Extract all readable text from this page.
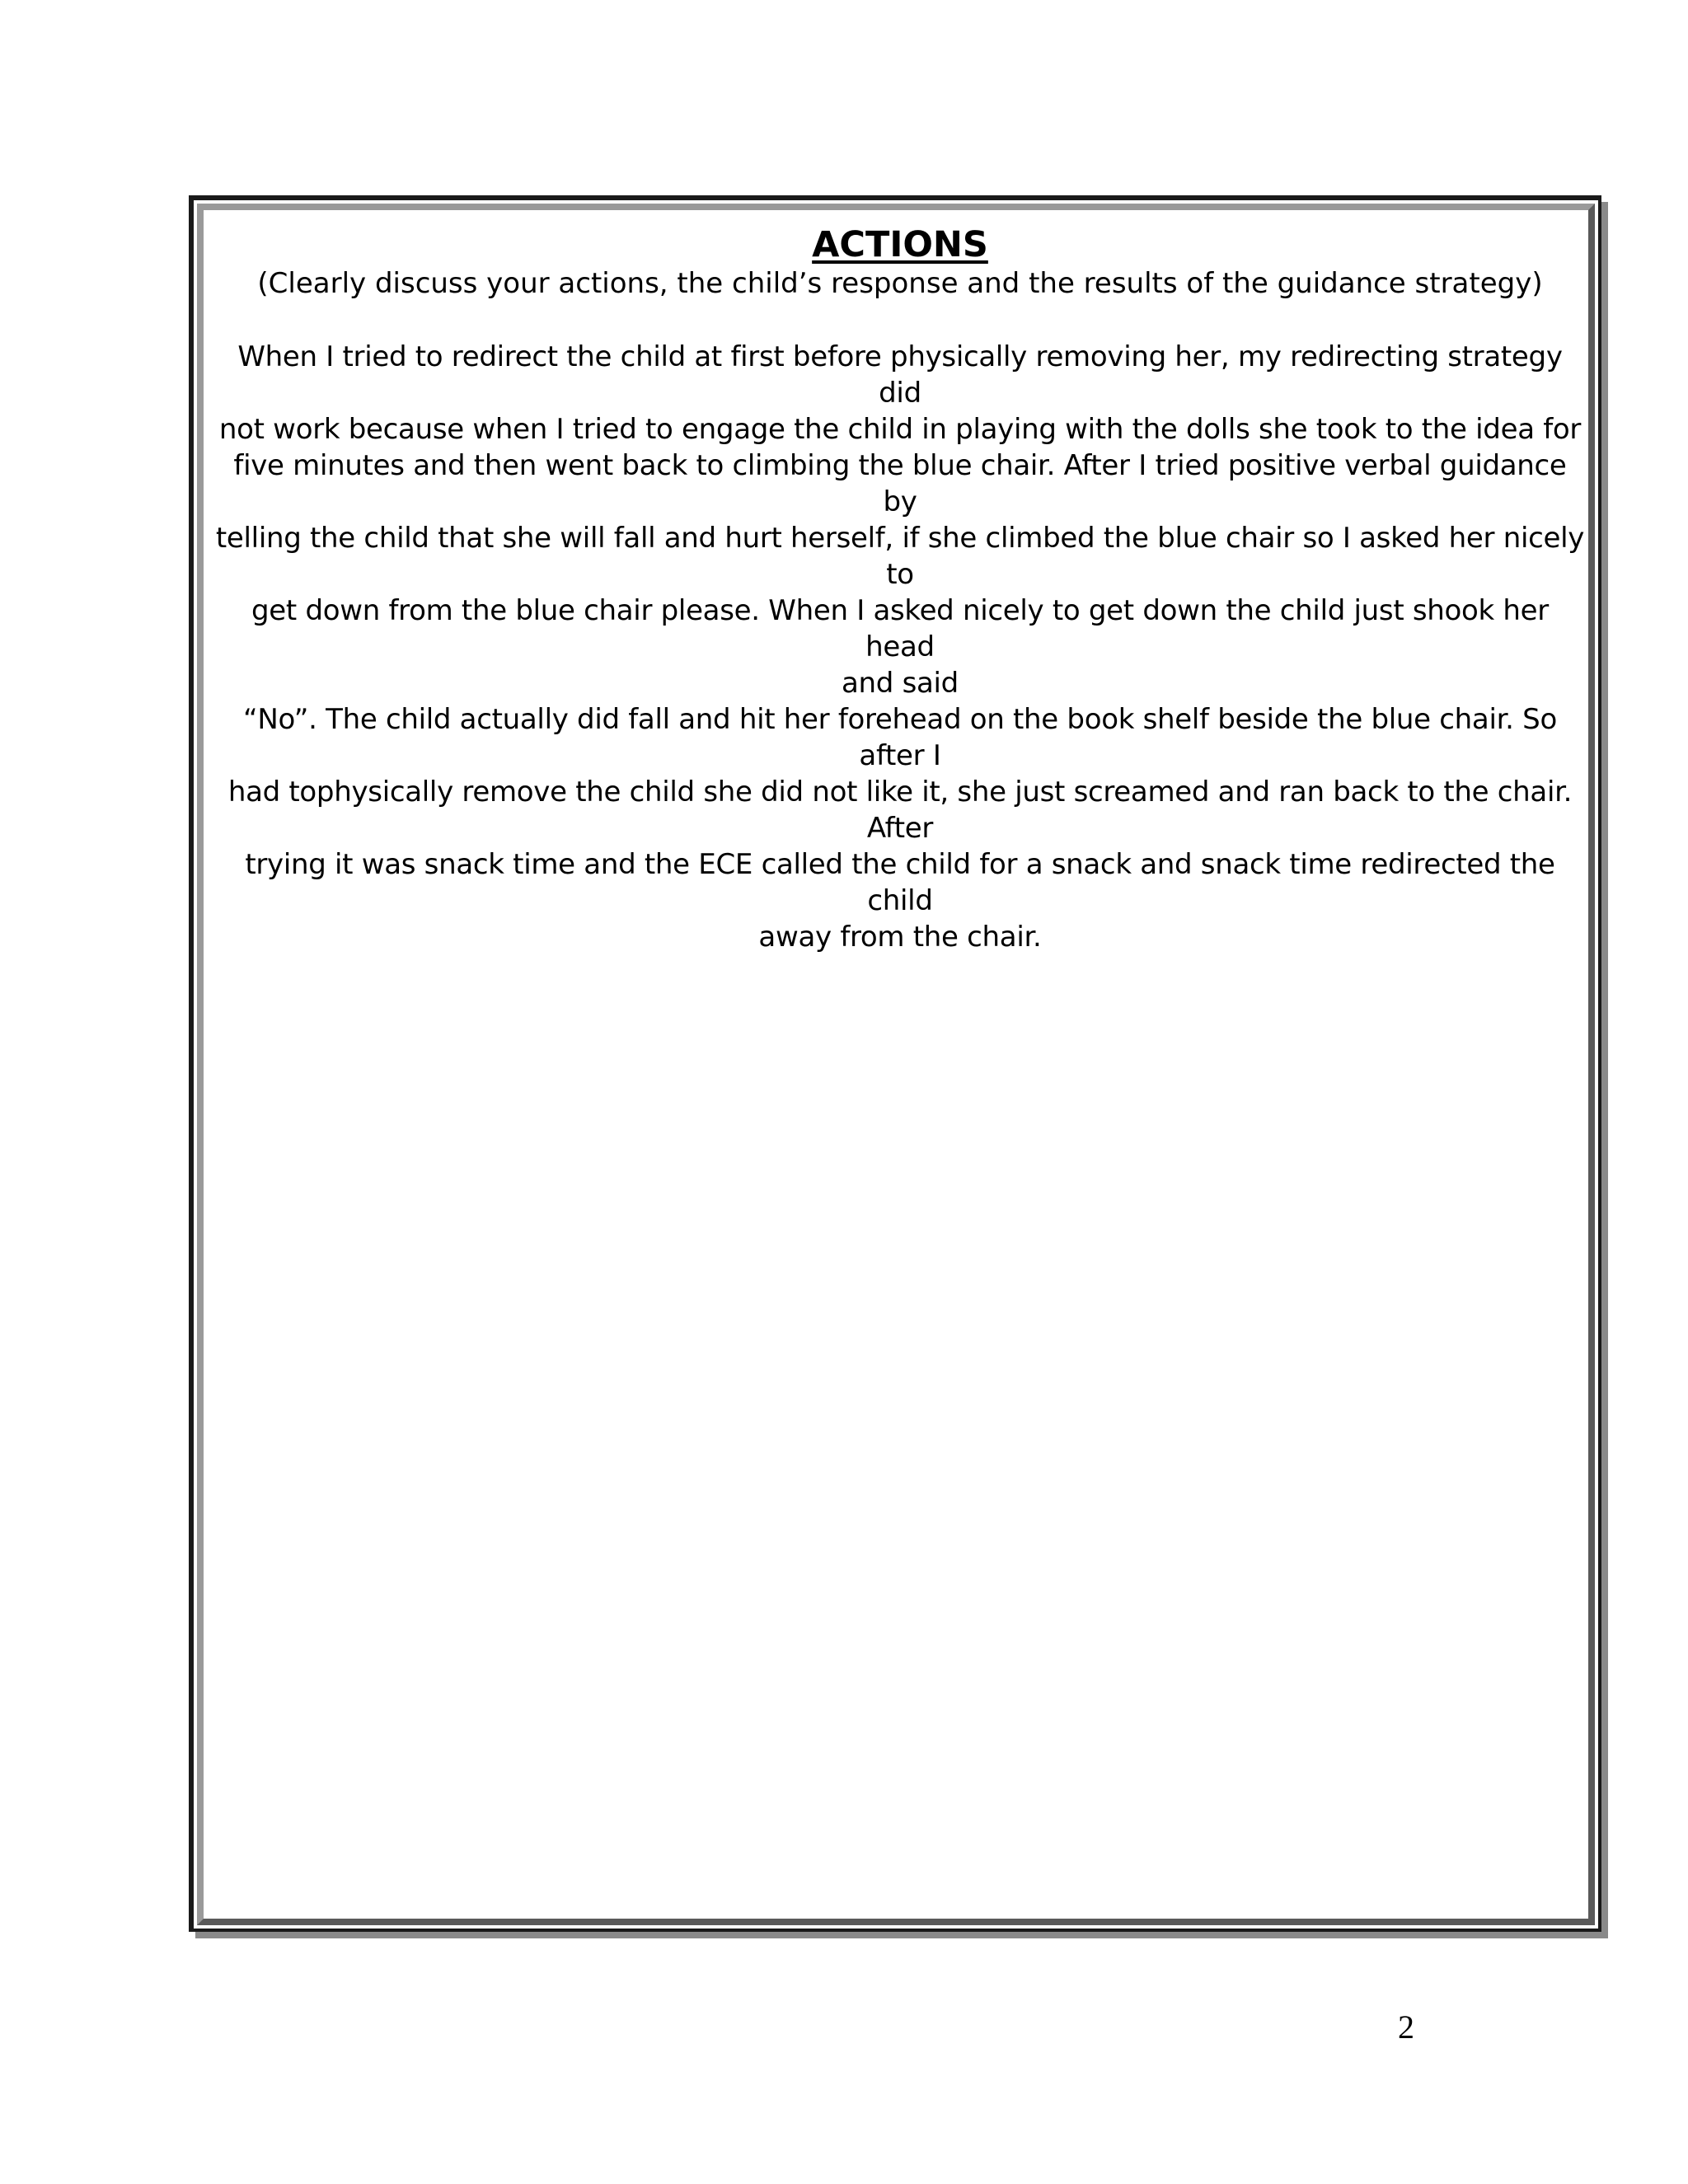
ACTIONS
(Clearly discuss your actions, the child’s response and the results of the guidance strategy)
When I tried to redirect the child at first before physically removing her, my redirecting strategy did
not work because when I tried to engage the child in playing with the dolls she took to the idea for
five minutes and then went back to climbing the blue chair. After I tried positive verbal guidance by
telling the child that she will fall and hurt herself, if she climbed the blue chair so I asked her nicely to
get down from the blue chair please. When I asked nicely to get down the child just shook her head
and said
“No”. The child actually did fall and hit her forehead on the book shelf beside the blue chair. So after I
had tophysically remove the child she did not like it, she just screamed and ran back to the chair. After
trying it was snack time and the ECE called the child for a snack and snack time redirected the child
away from the chair.
2
